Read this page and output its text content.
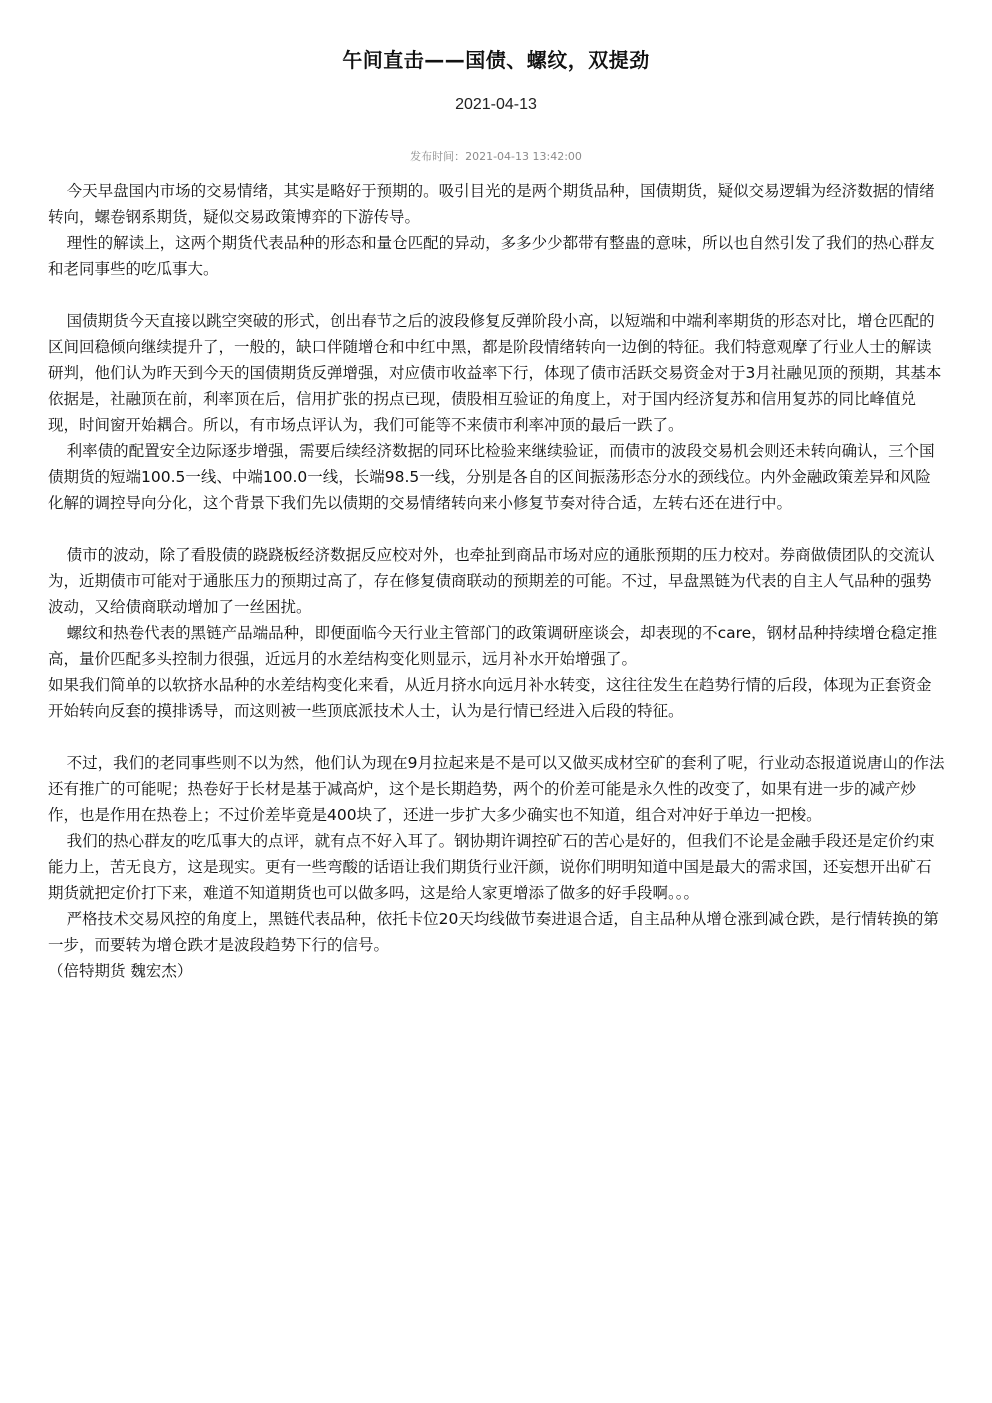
午间直击——国债、螺纹，双提劲
2021-04-13
发布时间：2021-04-13 13:42:00

今天早盘国内市场的交易情绪，其实是略好于预期的。吸引目光的是两个期货品种，国债期货，疑似交易逻辑为经济数据的情绪转向，螺卷钢系期货，疑似交易政策博弈的下游传导。

理性的解读上，这两个期货代表品种的形态和量仓匹配的异动，多多少少都带有整蛊的意味，所以也自然引发了我们的热心群友和老同事些的吃瓜事大。

国债期货今天直接以跳空突破的形式，创出春节之后的波段修复反弹阶段小高，以短端和中端利率期货的形态对比，增仓匹配的区间回稳倾向继续提升了，一般的，缺口伴随增仓和中红中黑，都是阶段情绪转向一边倒的特征。我们特意观摩了行业人士的解读研判，他们认为昨天到今天的国债期货反弹增强，对应债市收益率下行，体现了债市活跃交易资金对于3月社融见顶的预期，其基本依据是，社融顶在前，利率顶在后，信用扩张的拐点已现，债股相互验证的角度上，对于国内经济复苏和信用复苏的同比峰值兑现，时间窗开始耦合。所以，有市场点评认为，我们可能等不来债市利率冲顶的最后一跌了。

利率债的配置安全边际逐步增强，需要后续经济数据的同环比检验来继续验证，而债市的波段交易机会则还未转向确认，三个国债期货的短端100.5一线、中端100.0一线，长端98.5一线，分别是各自的区间振荡形态分水的颈线位。内外金融政策差异和风险化解的调控导向分化，这个背景下我们先以债期的交易情绪转向来小修复节奏对待合适，左转右还在进行中。

债市的波动，除了看股债的跷跷板经济数据反应校对外，也牵扯到商品市场对应的通胀预期的压力校对。券商做债团队的交流认为，近期债市可能对于通胀压力的预期过高了，存在修复债商联动的预期差的可能。不过，早盘黑链为代表的自主人气品种的强势波动，又给债商联动增加了一丝困扰。

螺纹和热卷代表的黑链产品端品种，即便面临今天行业主管部门的政策调研座谈会，却表现的不care，钢材品种持续增仓稳定推高，量价匹配多头控制力很强，近远月的水差结构变化则显示，远月补水开始增强了。

如果我们简单的以软挤水品种的水差结构变化来看，从近月挤水向远月补水转变，这往往发生在趋势行情的后段，体现为正套资金开始转向反套的摸排诱导，而这则被一些顶底派技术人士，认为是行情已经进入后段的特征。

不过，我们的老同事些则不以为然，他们认为现在9月拉起来是不是可以又做买成材空矿的套利了呢，行业动态报道说唐山的作法还有推广的可能呢；热卷好于长材是基于减高炉，这个是长期趋势，两个的价差可能是永久性的改变了，如果有进一步的减产炒作，也是作用在热卷上；不过价差毕竟是400块了，还进一步扩大多少确实也不知道，组合对冲好于单边一把梭。

我们的热心群友的吃瓜事大的点评，就有点不好入耳了。钢协期许调控矿石的苦心是好的，但我们不论是金融手段还是定价约束能力上，苦无良方，这是现实。更有一些弯酸的话语让我们期货行业汗颜，说你们明明知道中国是最大的需求国，还妄想开出矿石期货就把定价打下来，难道不知道期货也可以做多吗，这是给人家更增添了做多的好手段啊。。。

严格技术交易风控的角度上，黑链代表品种，依托卡位20天均线做节奏进退合适，自主品种从增仓涨到减仓跌，是行情转换的第一步，而要转为增仓跌才是波段趋势下行的信号。

（倍特期货 魏宏杰）
